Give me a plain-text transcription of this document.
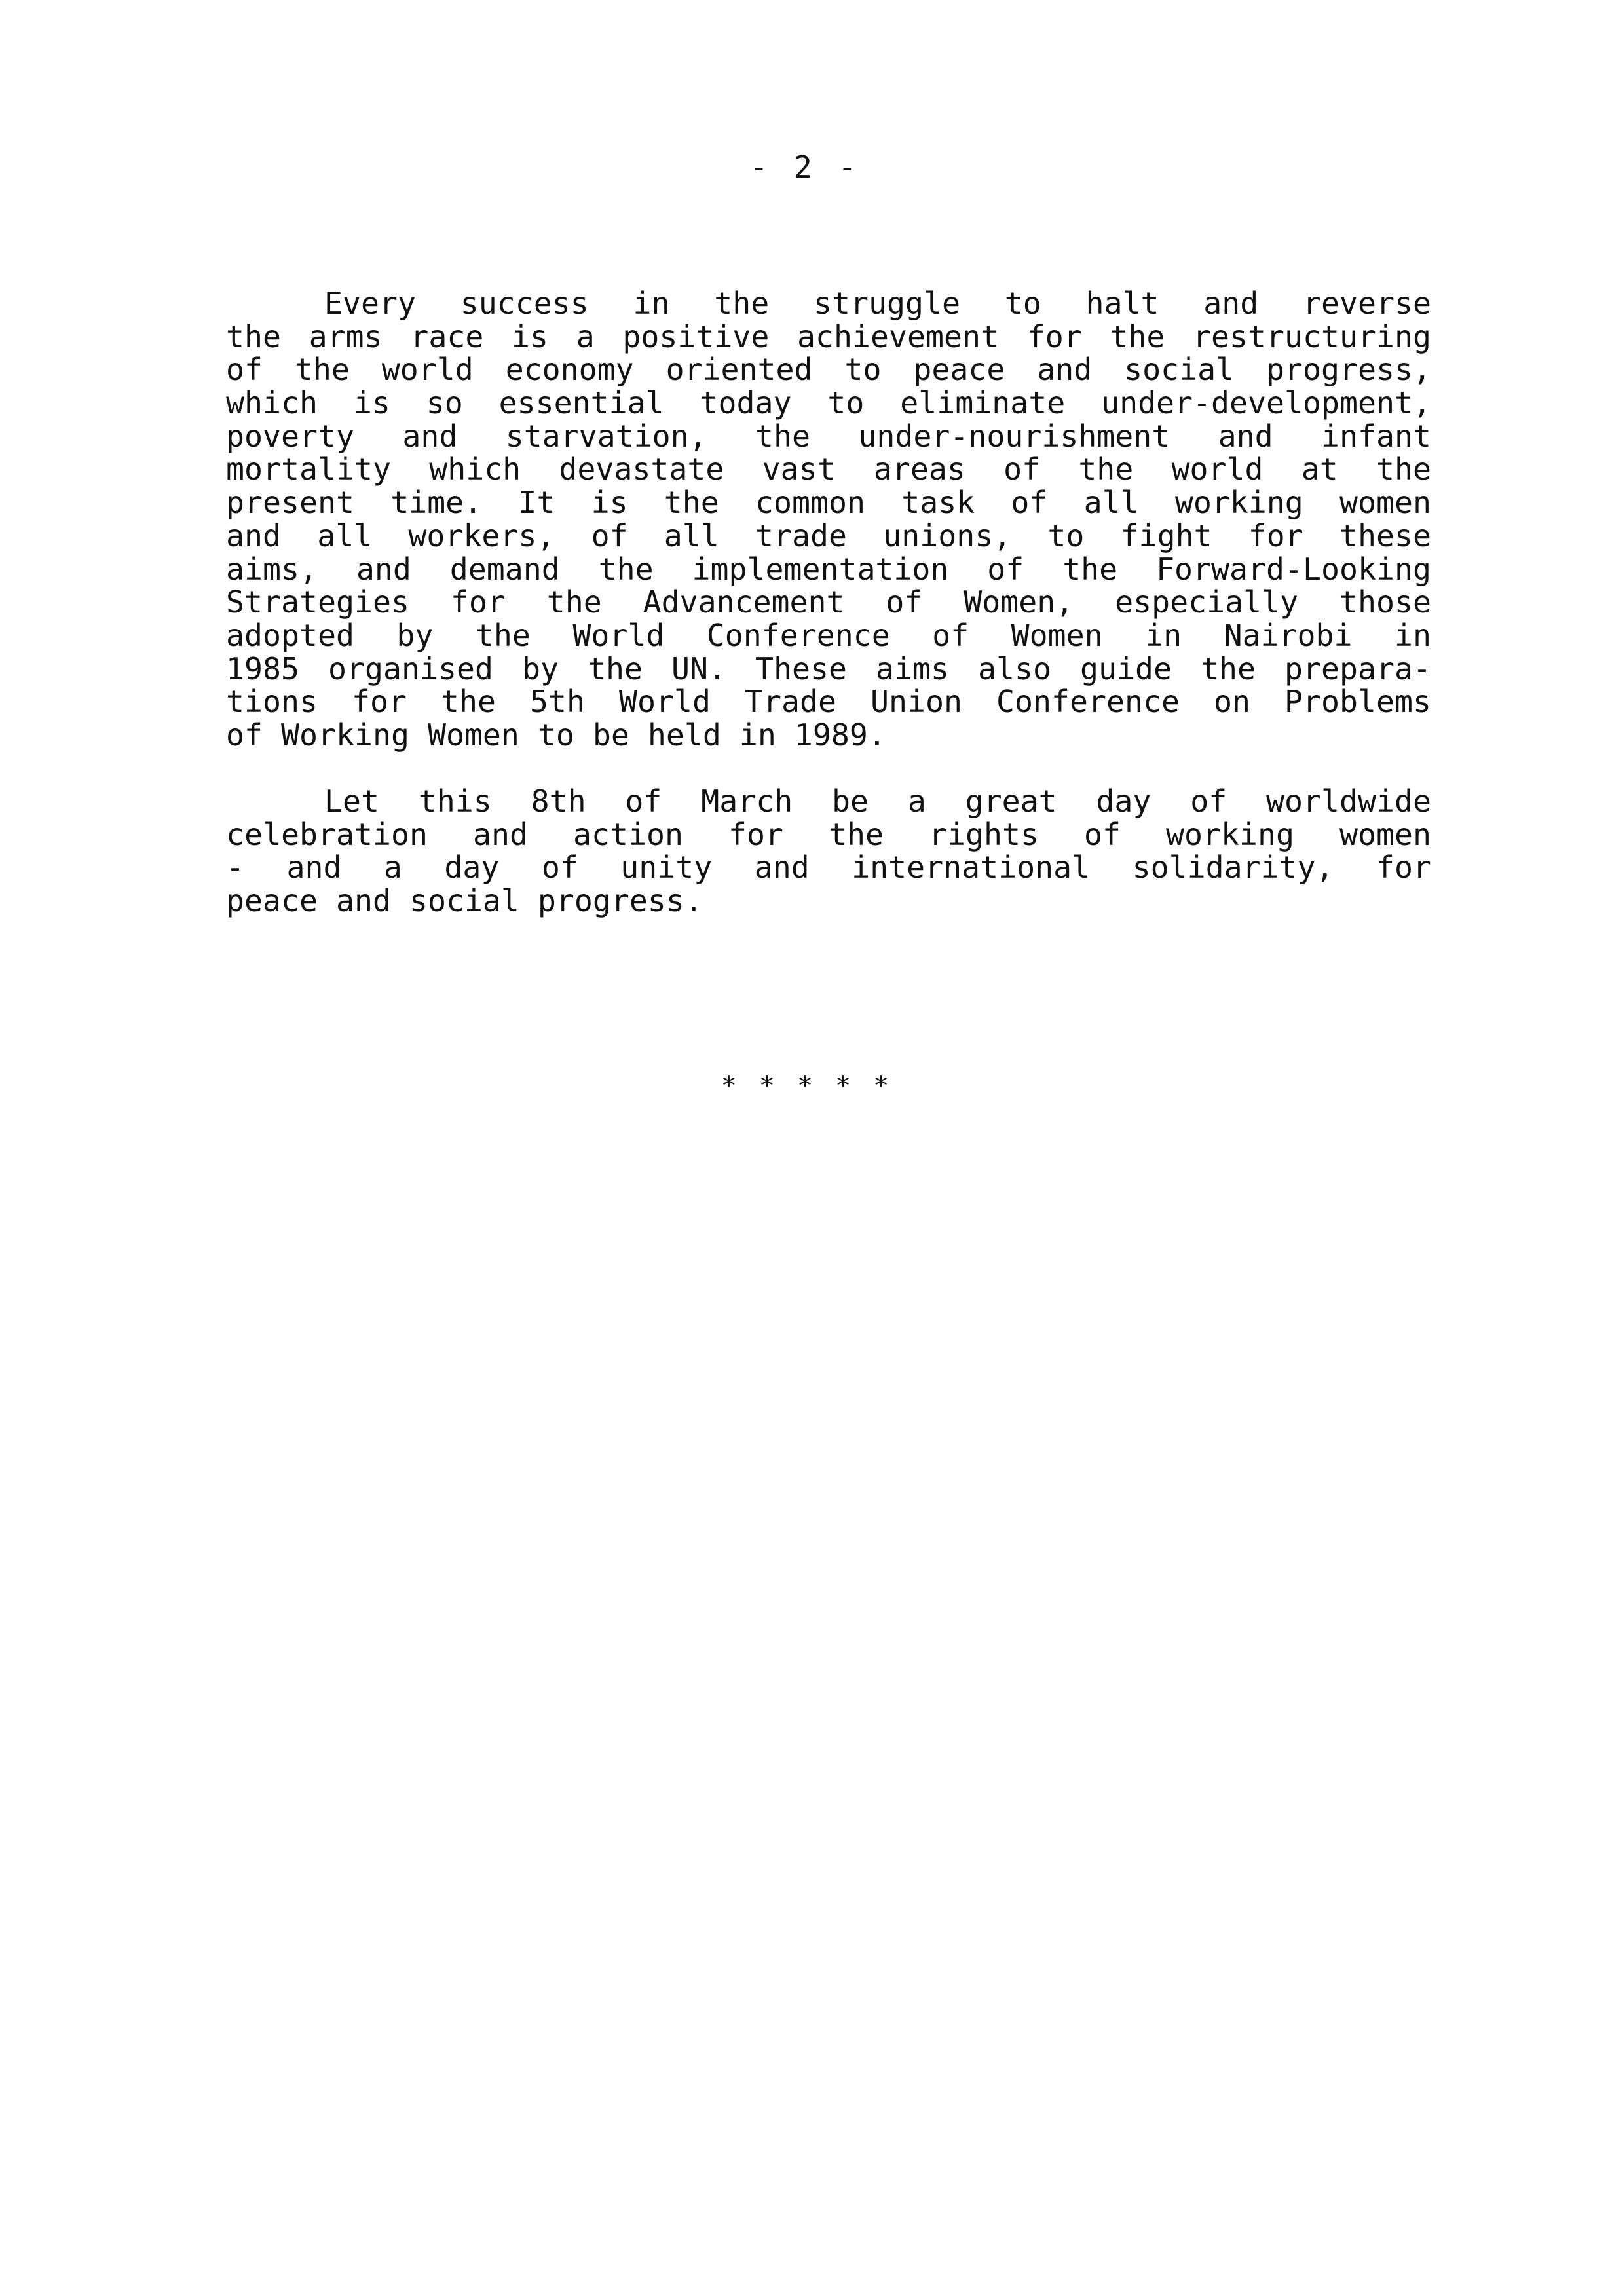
- 2 -
Every success in the struggle to halt and reverse
the arms race is a positive achievement for the restructuring
of the world economy oriented to peace and social progress,
which is so essential today to eliminate under-development,
poverty and starvation, the under-nourishment and infant
mortality which devastate vast areas of the world at the
present time. It is the common task of all working women
and all workers, of all trade unions, to fight for these
aims, and demand the implementation of the Forward-Looking
Strategies for the Advancement of Women, especially those
adopted by the World Conference of Women in Nairobi in
1985 organised by the UN. These aims also guide the prepara-
tions for the 5th World Trade Union Conference on Problems
of Working Women to be held in 1989.
Let this 8th of March be a great day of worldwide
celebration and action for the rights of working women
- and a day of unity and international solidarity, for
peace and social progress.
*****
